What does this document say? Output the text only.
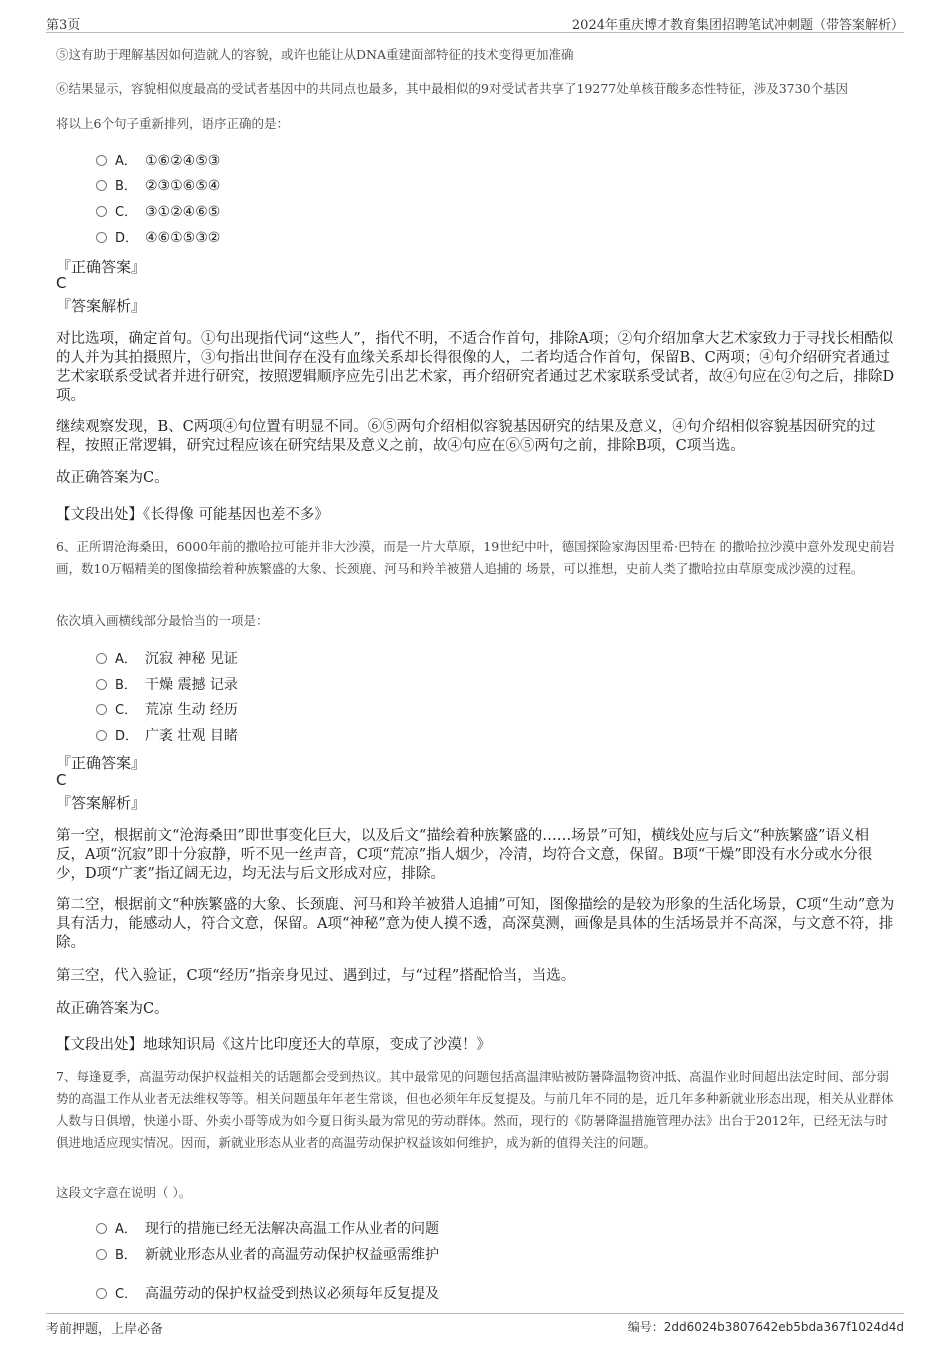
第3页	2024年重庆博才教育集团招聘笔试冲刺题（带答案解析）
⑤这有助于理解基因如何造就人的容貌，或许也能让从DNA重建面部特征的技术变得更加准确
⑥结果显示，容貌相似度最高的受试者基因中的共同点也最多，其中最相似的9对受试者共享了19277处单核苷酸多态性特征，涉及3730个基因
将以上6个句子重新排列，语序正确的是：
A． ①⑥②④⑤③
B． ②③①⑥⑤④
C． ③①②④⑥⑤
D． ④⑥①⑤③②
『正确答案』
C
『答案解析』
对比选项，确定首句。①句出现指代词“这些人”，指代不明，不适合作首句，排除A项；②句介绍加拿大艺术家致力于寻找长相酷似的人并为其拍摄照片，③句指出世间存在没有血缘关系却长得很像的人，二者均适合作首句，保留B、C两项；④句介绍研究者通过艺术家联系受试者并进行研究，按照逻辑顺序应先引出艺术家，再介绍研究者通过艺术家联系受试者，故④句应在②句之后，排除D项。
继续观察发现，B、C两项④句位置有明显不同。⑥⑤两句介绍相似容貌基因研究的结果及意义，④句介绍相似容貌基因研究的过程，按照正常逻辑，研究过程应该在研究结果及意义之前，故④句应在⑥⑤两句之前，排除B项，C项当选。
故正确答案为C。
【文段出处】《长得像 可能基因也差不多》
6、正所谓沧海桑田，6000年前的撒哈拉可能并非大沙漠，而是一片大草原，19世纪中叶，德国探险家海因里希·巴特在 的撒哈拉沙漠中意外发现史前岩画，数10万幅精美的图像描绘着种族繁盛的大象、长颈鹿、河马和羚羊被猎人追捕的 场景，可以推想，史前人类了撒哈拉由草原变成沙漠的过程。
依次填入画横线部分最恰当的一项是：
A． 沉寂 神秘 见证
B． 干燥 震撼 记录
C． 荒凉 生动 经历
D． 广袤 壮观 目睹
『正确答案』
C
『答案解析』
第一空，根据前文“沧海桑田”即世事变化巨大，以及后文“描绘着种族繁盛的……场景”可知，横线处应与后文“种族繁盛”语义相反，A项“沉寂”即十分寂静，听不见一丝声音，C项“荒凉”指人烟少，冷清，均符合文意，保留。B项“干燥”即没有水分或水分很少，D项“广袤”指辽阔无边，均无法与后文形成对应，排除。
第二空，根据前文“种族繁盛的大象、长颈鹿、河马和羚羊被猎人追捕”可知，图像描绘的是较为形象的生活化场景，C项“生动”意为具有活力，能感动人，符合文意，保留。A项“神秘”意为使人摸不透，高深莫测，画像是具体的生活场景并不高深，与文意不符，排除。
第三空，代入验证，C项“经历”指亲身见过、遇到过，与“过程”搭配恰当，当选。
故正确答案为C。
【文段出处】地球知识局《这片比印度还大的草原，变成了沙漠！》
7、每逢夏季，高温劳动保护权益相关的话题都会受到热议。其中最常见的问题包括高温津贴被防暑降温物资冲抵、高温作业时间超出法定时间、部分弱势的高温工作从业者无法维权等等。相关问题虽年年老生常谈，但也必须年年反复提及。与前几年不同的是，近几年多种新就业形态出现，相关从业群体人数与日俱增，快递小哥、外卖小哥等成为如今夏日街头最为常见的劳动群体。然而，现行的《防暑降温措施管理办法》出台于2012年，已经无法与时俱进地适应现实情况。因而，新就业形态从业者的高温劳动保护权益该如何维护，成为新的值得关注的问题。
这段文字意在说明（ ）。
A． 现行的措施已经无法解决高温工作从业者的问题
B． 新就业形态从业者的高温劳动保护权益亟需维护
C． 高温劳动的保护权益受到热议必须每年反复提及
考前押题，上岸必备	编号：2dd6024b3807642eb5bda367f1024d4d
